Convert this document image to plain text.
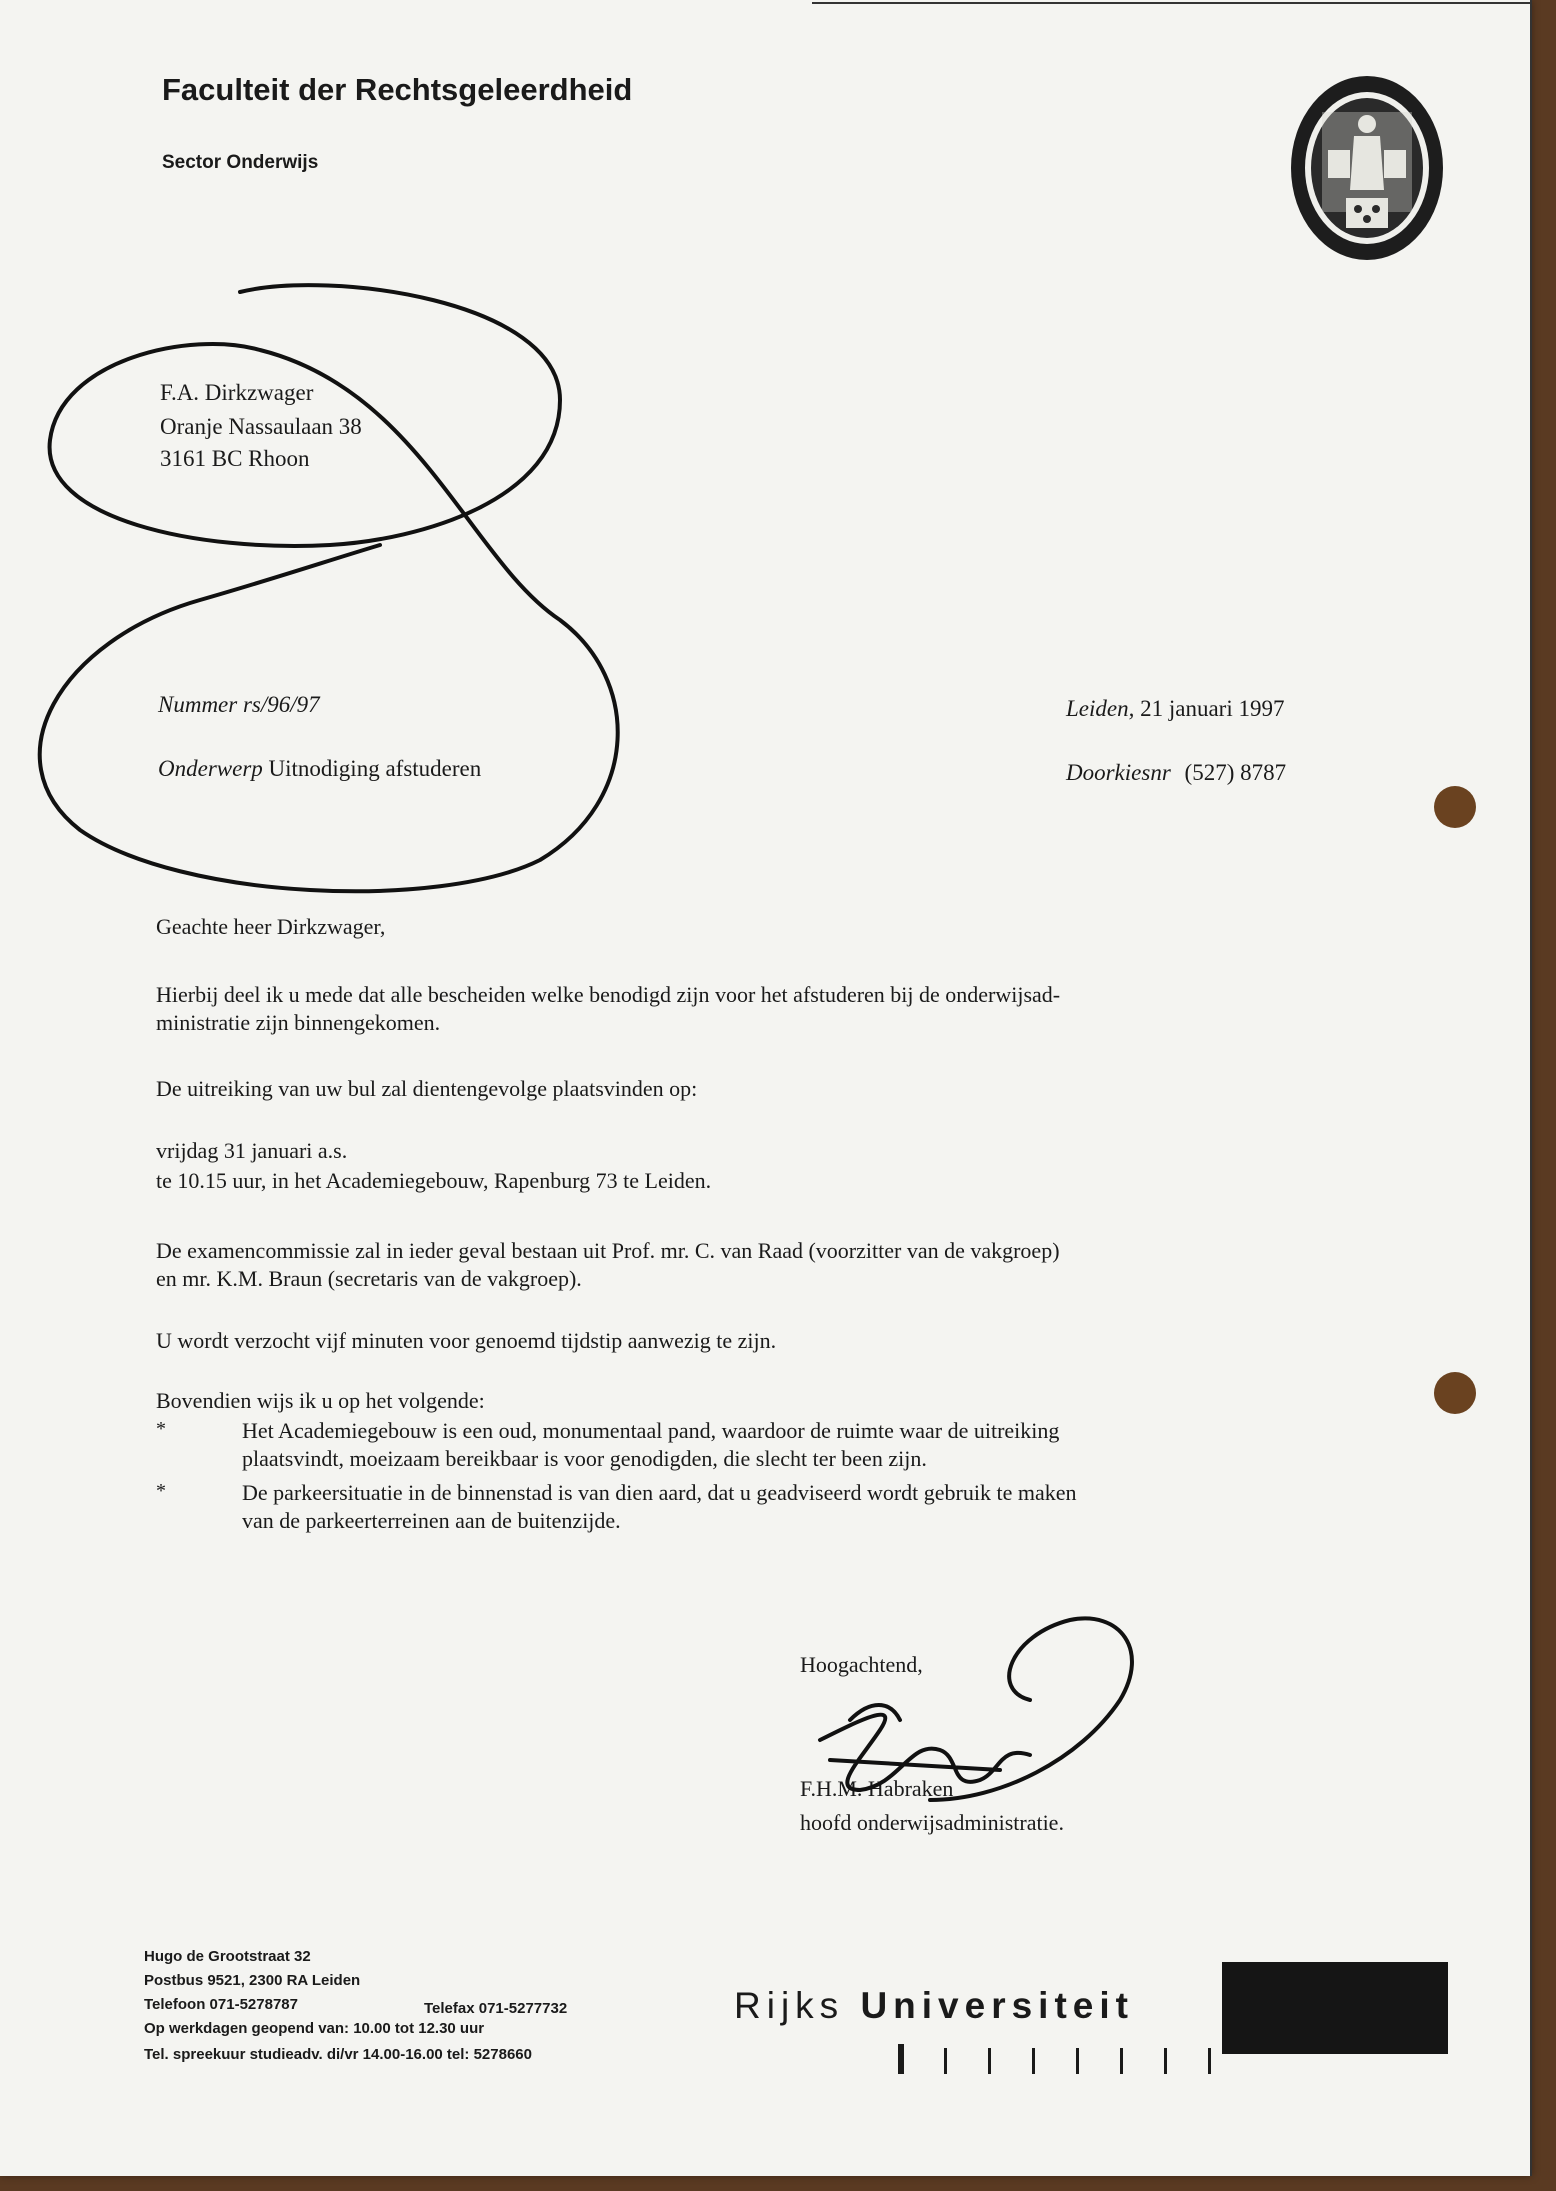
Faculteit der Rechtsgeleerdheid
Sector Onderwijs
F.A. Dirkzwager
Oranje Nassaulaan 38
3161 BC Rhoon
Nummer rs/96/97
Onderwerp Uitnodiging afstuderen
Leiden, 21 januari 1997
Doorkiesnr (527) 8787
Geachte heer Dirkzwager,
Hierbij deel ik u mede dat alle bescheiden welke benodigd zijn voor het afstuderen bij de onderwijsad-
ministratie zijn binnengekomen.
De uitreiking van uw bul zal dientengevolge plaatsvinden op:
vrijdag 31 januari a.s.
te 10.15 uur, in het Academiegebouw, Rapenburg 73 te Leiden.
De examencommissie zal in ieder geval bestaan uit Prof. mr. C. van Raad (voorzitter van de vakgroep)
en mr. K.M. Braun (secretaris van de vakgroep).
U wordt verzocht vijf minuten voor genoemd tijdstip aanwezig te zijn.
Bovendien wijs ik u op het volgende:
*	Het Academiegebouw is een oud, monumentaal pand, waardoor de ruimte waar de uitreiking
plaatsvindt, moeizaam bereikbaar is voor genodigden, die slecht ter been zijn.
*	De parkeersituatie in de binnenstad is van dien aard, dat u geadviseerd wordt gebruik te maken
van de parkeerterreinen aan de buitenzijde.
Hoogachtend,
F.H.M. Habraken
hoofd onderwijsadministratie.
Hugo de Grootstraat 32
Postbus 9521, 2300 RA Leiden
Telefoon 071-5278787	Telefax 071-5277732
Op werkdagen geopend van: 10.00 tot 12.30 uur
Tel. spreekuur studieadv. di/vr 14.00-16.00 tel: 5278660
Rijks Universiteit
